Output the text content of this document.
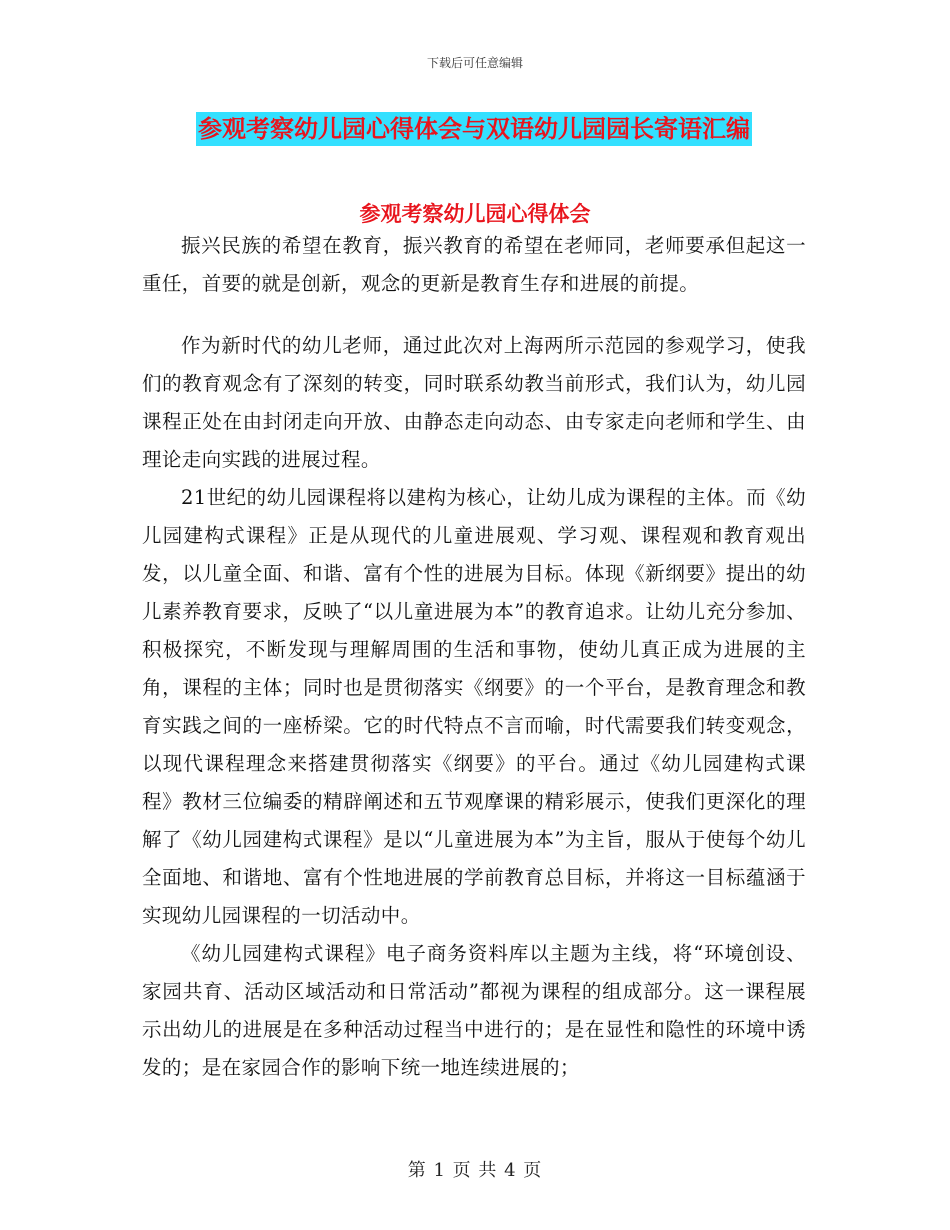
下载后可任意编辑
参观考察幼儿园心得体会与双语幼儿园园长寄语汇编
参观考察幼儿园心得体会

振兴民族的希望在教育，振兴教育的希望在老师同，老师要承但起这一重任，首要的就是创新，观念的更新是教育生存和进展的前提。

作为新时代的幼儿老师，通过此次对上海两所示范园的参观学习，使我们的教育观念有了深刻的转变，同时联系幼教当前形式，我们认为，幼儿园课程正处在由封闭走向开放、由静态走向动态、由专家走向老师和学生、由理论走向实践的进展过程。

21世纪的幼儿园课程将以建构为核心，让幼儿成为课程的主体。而《幼儿园建构式课程》正是从现代的儿童进展观、学习观、课程观和教育观出发，以儿童全面、和谐、富有个性的进展为目标。体现《新纲要》提出的幼儿素养教育要求，反映了“以儿童进展为本”的教育追求。让幼儿充分参加、积极探究，不断发现与理解周围的生活和事物，使幼儿真正成为进展的主角，课程的主体；同时也是贯彻落实《纲要》的一个平台，是教育理念和教育实践之间的一座桥梁。它的时代特点不言而喻，时代需要我们转变观念，以现代课程理念来搭建贯彻落实《纲要》的平台。通过《幼儿园建构式课程》教材三位编委的精辟阐述和五节观摩课的精彩展示，使我们更深化的理解了《幼儿园建构式课程》是以“儿童进展为本”为主旨，服从于使每个幼儿全面地、和谐地、富有个性地进展的学前教育总目标，并将这一目标蕴涵于实现幼儿园课程的一切活动中。

《幼儿园建构式课程》电子商务资料库以主题为主线，将“环境创设、家园共育、活动区域活动和日常活动”都视为课程的组成部分。这一课程展示出幼儿的进展是在多种活动过程当中进行的；是在显性和隐性的环境中诱发的；是在家园合作的影响下统一地连续进展的；

第 1 页 共 4 页
